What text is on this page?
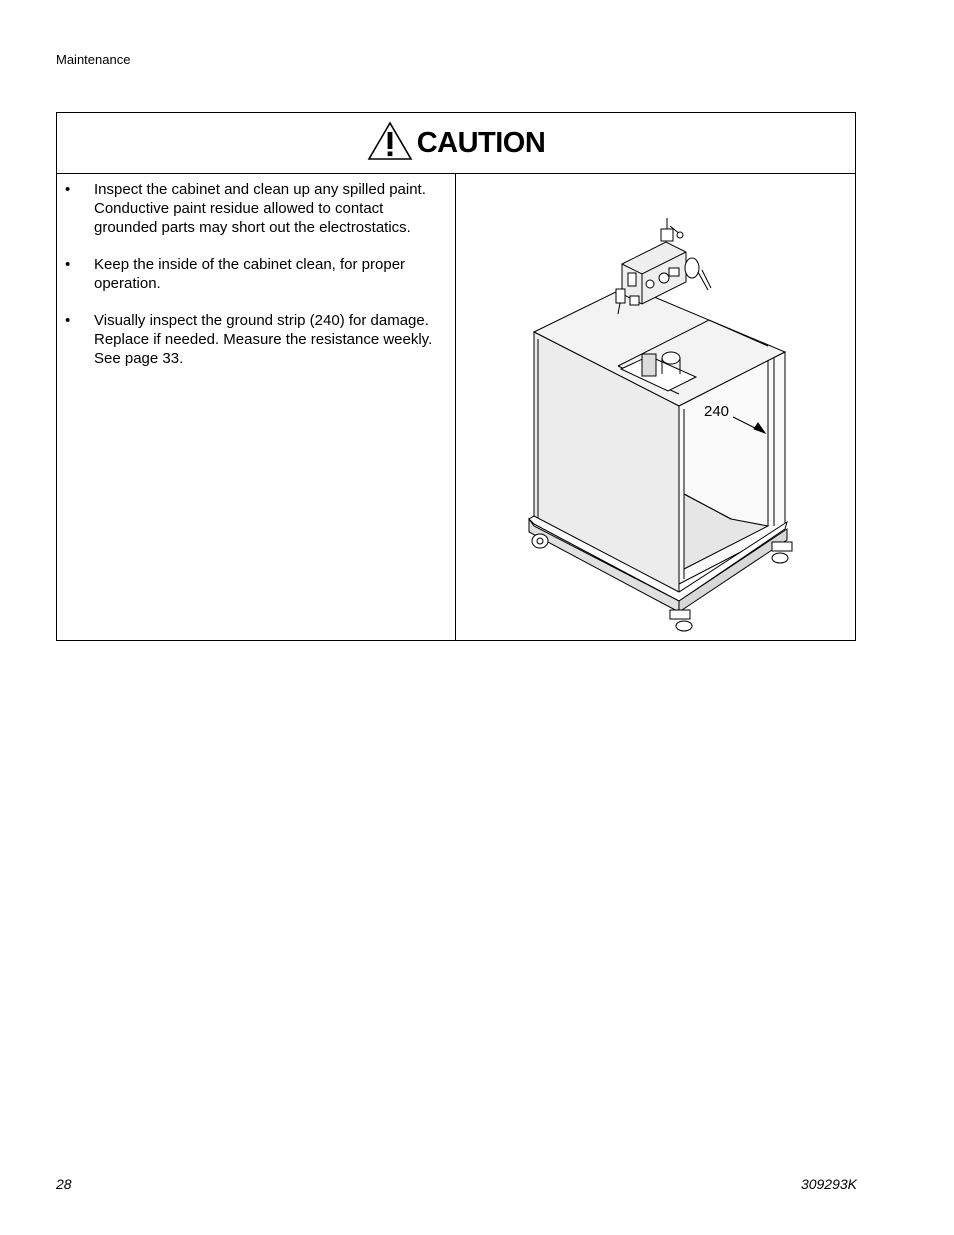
Maintenance
CAUTION
• Inspect the cabinet and clean up any spilled paint. Conductive paint residue allowed to contact grounded parts may short out the electrostatics.
• Keep the inside of the cabinet clean, for proper operation.
• Visually inspect the ground strip (240) for damage. Replace if needed. Measure the resistance weekly. See page 33.
240
28	309293K
